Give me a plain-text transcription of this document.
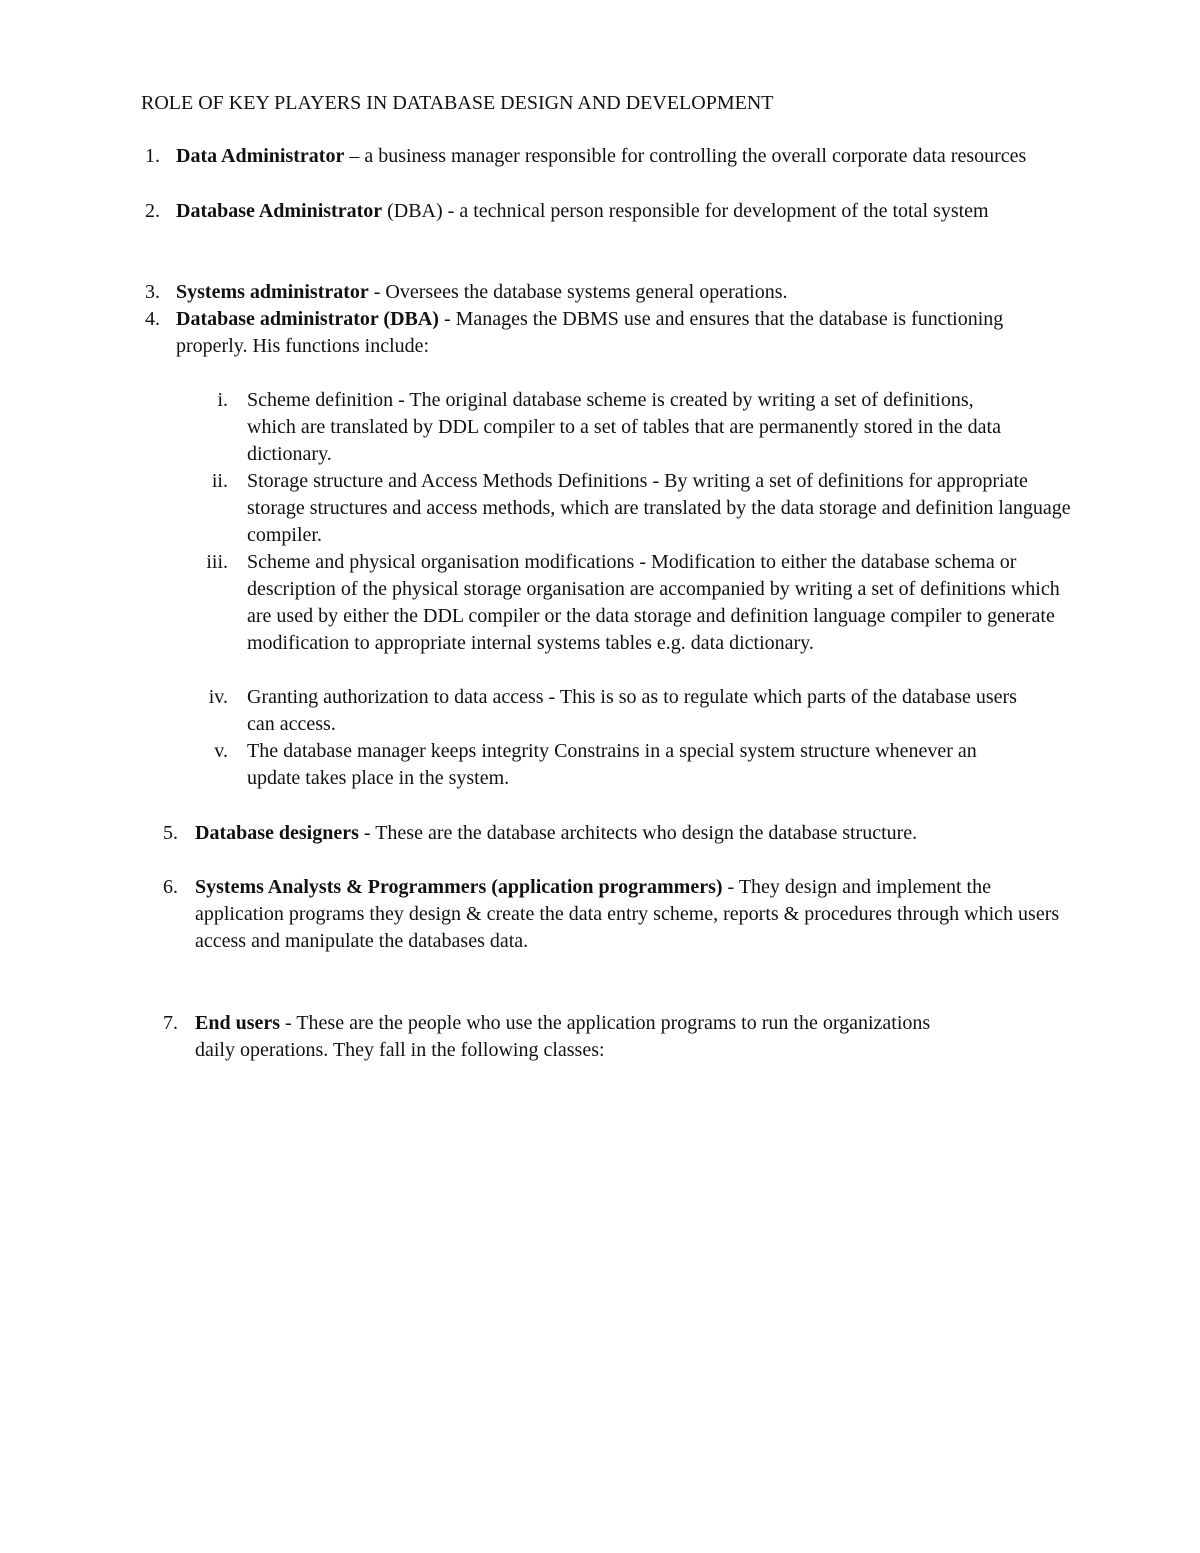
ROLE OF KEY PLAYERS IN DATABASE DESIGN AND DEVELOPMENT
1. Data Administrator – a business manager responsible for controlling the overall corporate data resources
2. Database Administrator (DBA) - a technical person responsible for development of the total system
3. Systems administrator - Oversees the database systems general operations.
4. Database administrator (DBA) - Manages the DBMS use and ensures that the database is functioning properly. His functions include:
i. Scheme definition - The original database scheme is created by writing a set of definitions, which are translated by DDL compiler to a set of tables that are permanently stored in the data dictionary.
ii. Storage structure and Access Methods Definitions - By writing a set of definitions for appropriate storage structures and access methods, which are translated by the data storage and definition language compiler.
iii. Scheme and physical organisation modifications - Modification to either the database schema or description of the physical storage organisation are accompanied by writing a set of definitions which are used by either the DDL compiler or the data storage and definition language compiler to generate modification to appropriate internal systems tables e.g. data dictionary.
iv. Granting authorization to data access - This is so as to regulate which parts of the database users can access.
v. The database manager keeps integrity Constrains in a special system structure whenever an update takes place in the system.
5. Database designers - These are the database architects who design the database structure.
6. Systems Analysts & Programmers (application programmers) - They design and implement the application programs they design & create the data entry scheme, reports & procedures through which users access and manipulate the databases data.
7. End users - These are the people who use the application programs to run the organizations daily operations. They fall in the following classes:
